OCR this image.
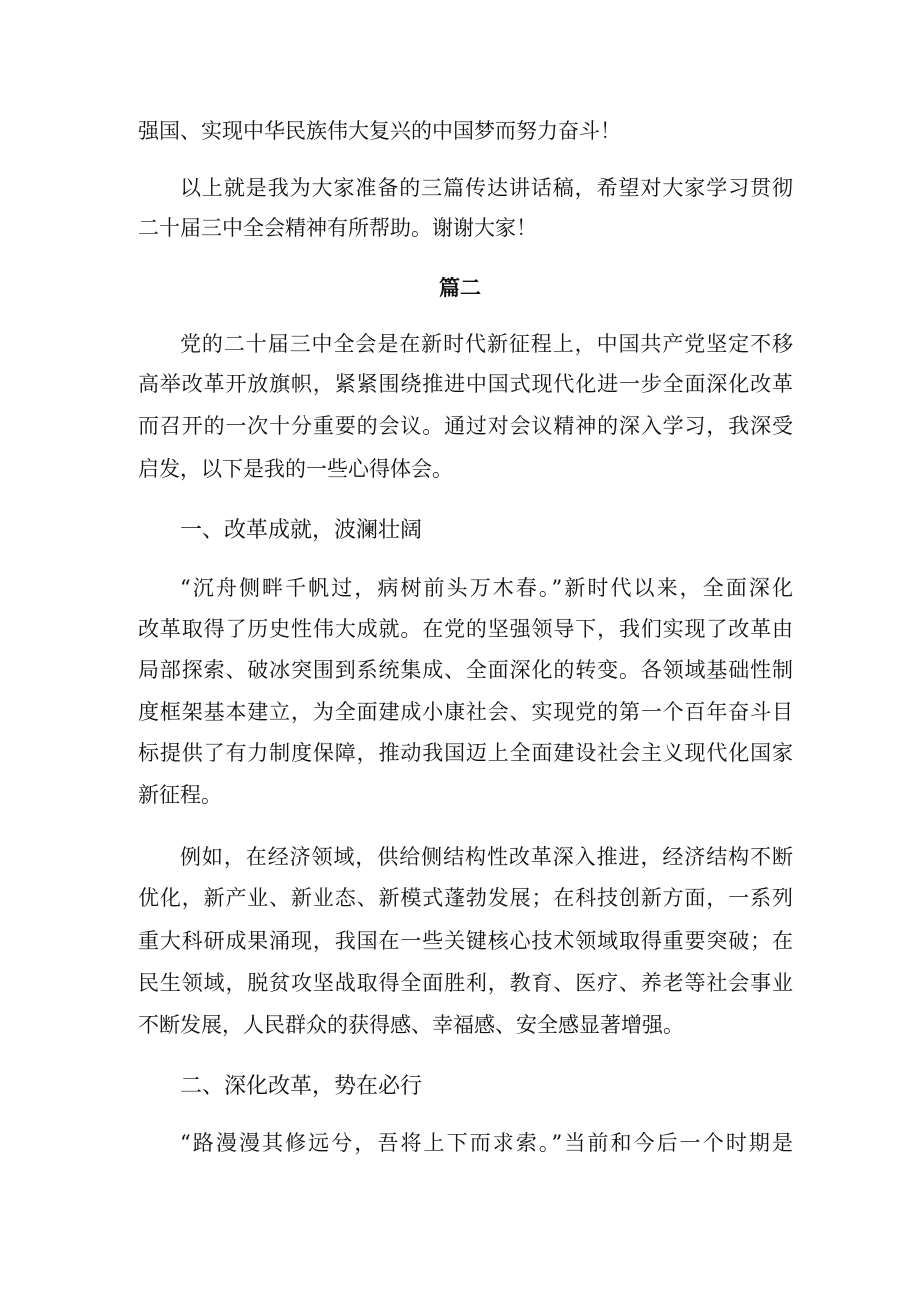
强国、实现中华民族伟大复兴的中国梦而努力奋斗！
以上就是我为大家准备的三篇传达讲话稿，希望对大家学习贯彻
二十届三中全会精神有所帮助。谢谢大家！
篇二
党的二十届三中全会是在新时代新征程上，中国共产党坚定不移
高举改革开放旗帜，紧紧围绕推进中国式现代化进一步全面深化改革
而召开的一次十分重要的会议。通过对会议精神的深入学习，我深受
启发，以下是我的一些心得体会。
一、改革成就，波澜壮阔
“沉舟侧畔千帆过，病树前头万木春。”新时代以来，全面深化
改革取得了历史性伟大成就。在党的坚强领导下，我们实现了改革由
局部探索、破冰突围到系统集成、全面深化的转变。各领域基础性制
度框架基本建立，为全面建成小康社会、实现党的第一个百年奋斗目
标提供了有力制度保障，推动我国迈上全面建设社会主义现代化国家
新征程。
例如，在经济领域，供给侧结构性改革深入推进，经济结构不断
优化，新产业、新业态、新模式蓬勃发展；在科技创新方面，一系列
重大科研成果涌现，我国在一些关键核心技术领域取得重要突破；在
民生领域，脱贫攻坚战取得全面胜利，教育、医疗、养老等社会事业
不断发展，人民群众的获得感、幸福感、安全感显著增强。
二、深化改革，势在必行
“路漫漫其修远兮，吾将上下而求索。”当前和今后一个时期是
